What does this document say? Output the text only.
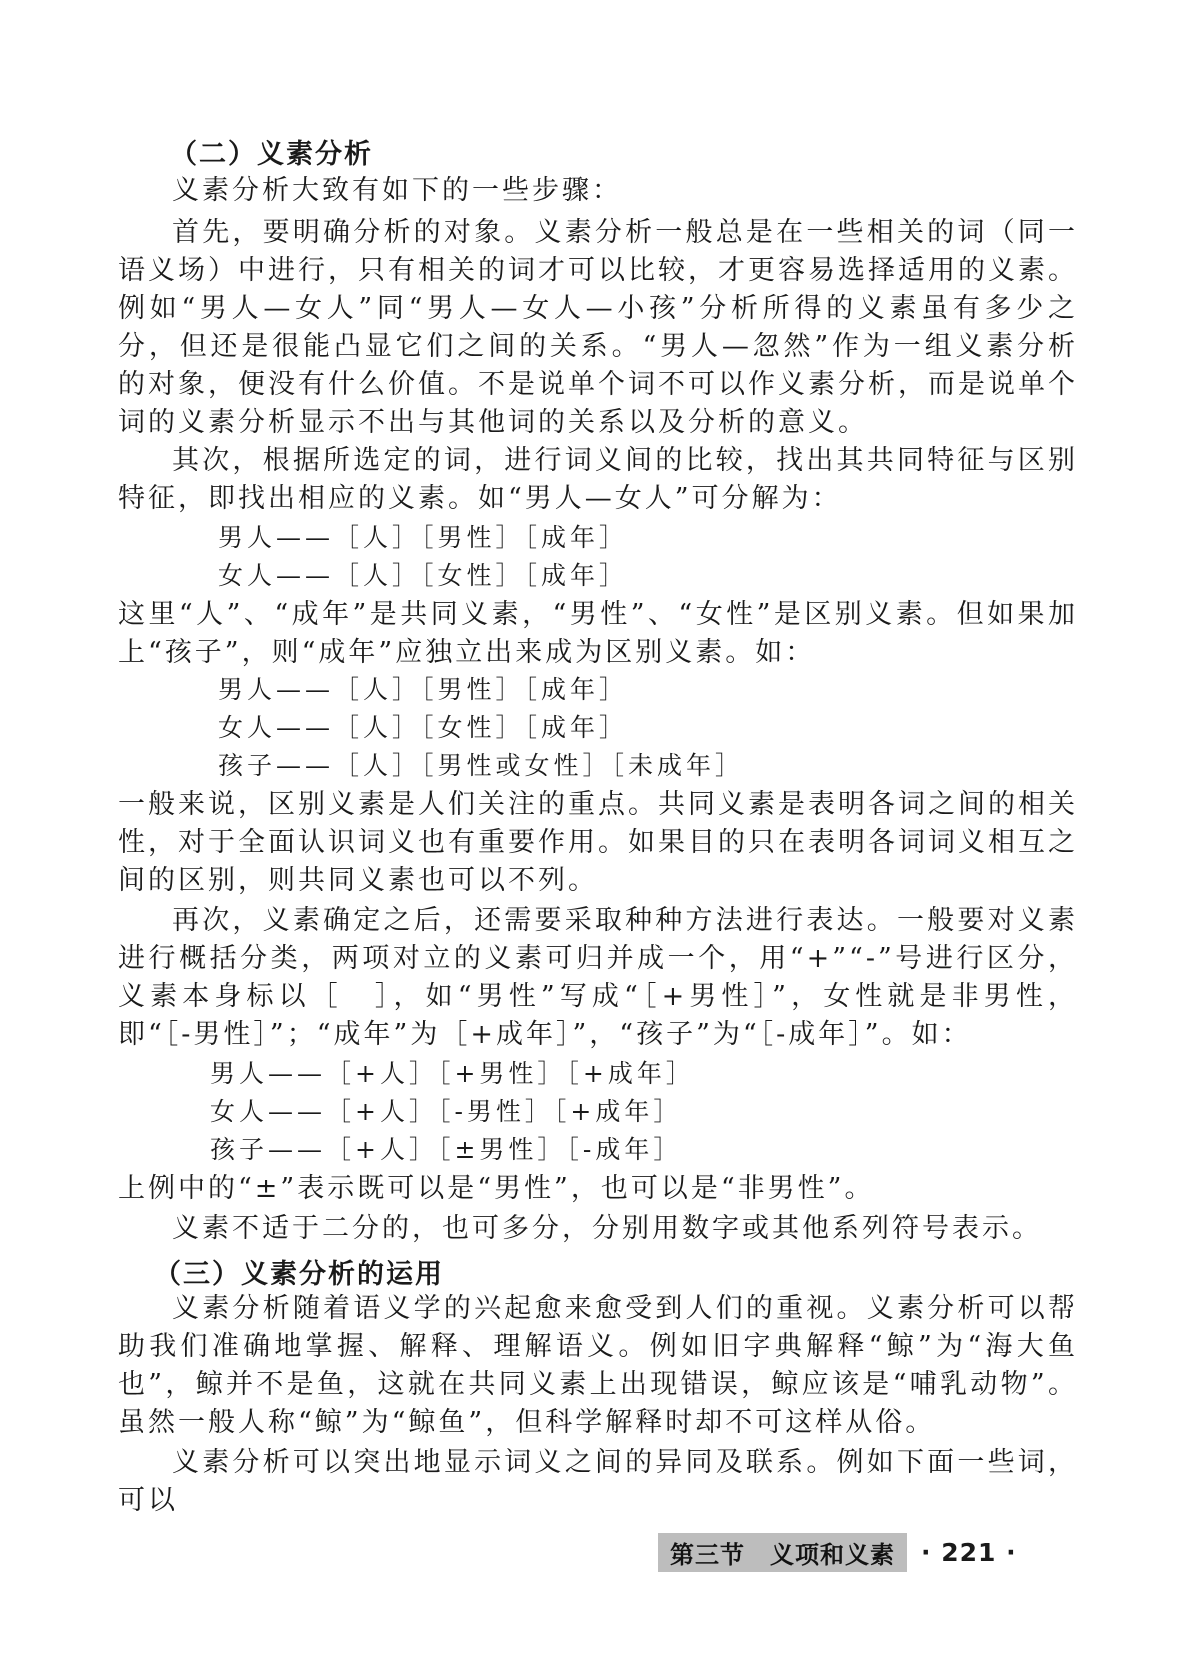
（二）义素分析
义素分析大致有如下的一些步骤：
首先，要明确分析的对象。义素分析一般总是在一些相关的词（同一语义场）中进行，只有相关的词才可以比较，才更容易选择适用的义素。例如“男人—女人”同“男人—女人—小孩”分析所得的义素虽有多少之分，但还是很能凸显它们之间的关系。“男人—忽然”作为一组义素分析的对象，便没有什么价值。不是说单个词不可以作义素分析，而是说单个词的义素分析显示不出与其他词的关系以及分析的意义。
其次，根据所选定的词，进行词义间的比较，找出其共同特征与区别特征，即找出相应的义素。如“男人—女人”可分解为：
男人——［人］［男性］［成年］
女人——［人］［女性］［成年］
这里“人”、“成年”是共同义素，“男性”、“女性”是区别义素。但如果加上“孩子”，则“成年”应独立出来成为区别义素。如：
男人——［人］［男性］［成年］
女人——［人］［女性］［成年］
孩子——［人］［男性或女性］［未成年］
一般来说，区别义素是人们关注的重点。共同义素是表明各词之间的相关性，对于全面认识词义也有重要作用。如果目的只在表明各词词义相互之间的区别，则共同义素也可以不列。
再次，义素确定之后，还需要采取种种方法进行表达。一般要对义素进行概括分类，两项对立的义素可归并成一个，用“+”“-”号进行区分，义素本身标以［　］，如“男性”写成“［+男性］”，女性就是非男性，即“［-男性］”；“成年”为［+成年］”，“孩子”为“［-成年］”。如：
男人——［+人］［+男性］［+成年］
女人——［+人］［-男性］［+成年］
孩子——［+人］［±男性］［-成年］
上例中的“±”表示既可以是“男性”，也可以是“非男性”。
义素不适于二分的，也可多分，分别用数字或其他系列符号表示。
（三）义素分析的运用
义素分析随着语义学的兴起愈来愈受到人们的重视。义素分析可以帮助我们准确地掌握、解释、理解语义。例如旧字典解释“鲸”为“海大鱼也”，鲸并不是鱼，这就在共同义素上出现错误，鲸应该是“哺乳动物”。虽然一般人称“鲸”为“鲸鱼”，但科学解释时却不可这样从俗。
义素分析可以突出地显示词义之间的异同及联系。例如下面一些词，可以
第三节　义项和义素	· 221 ·
